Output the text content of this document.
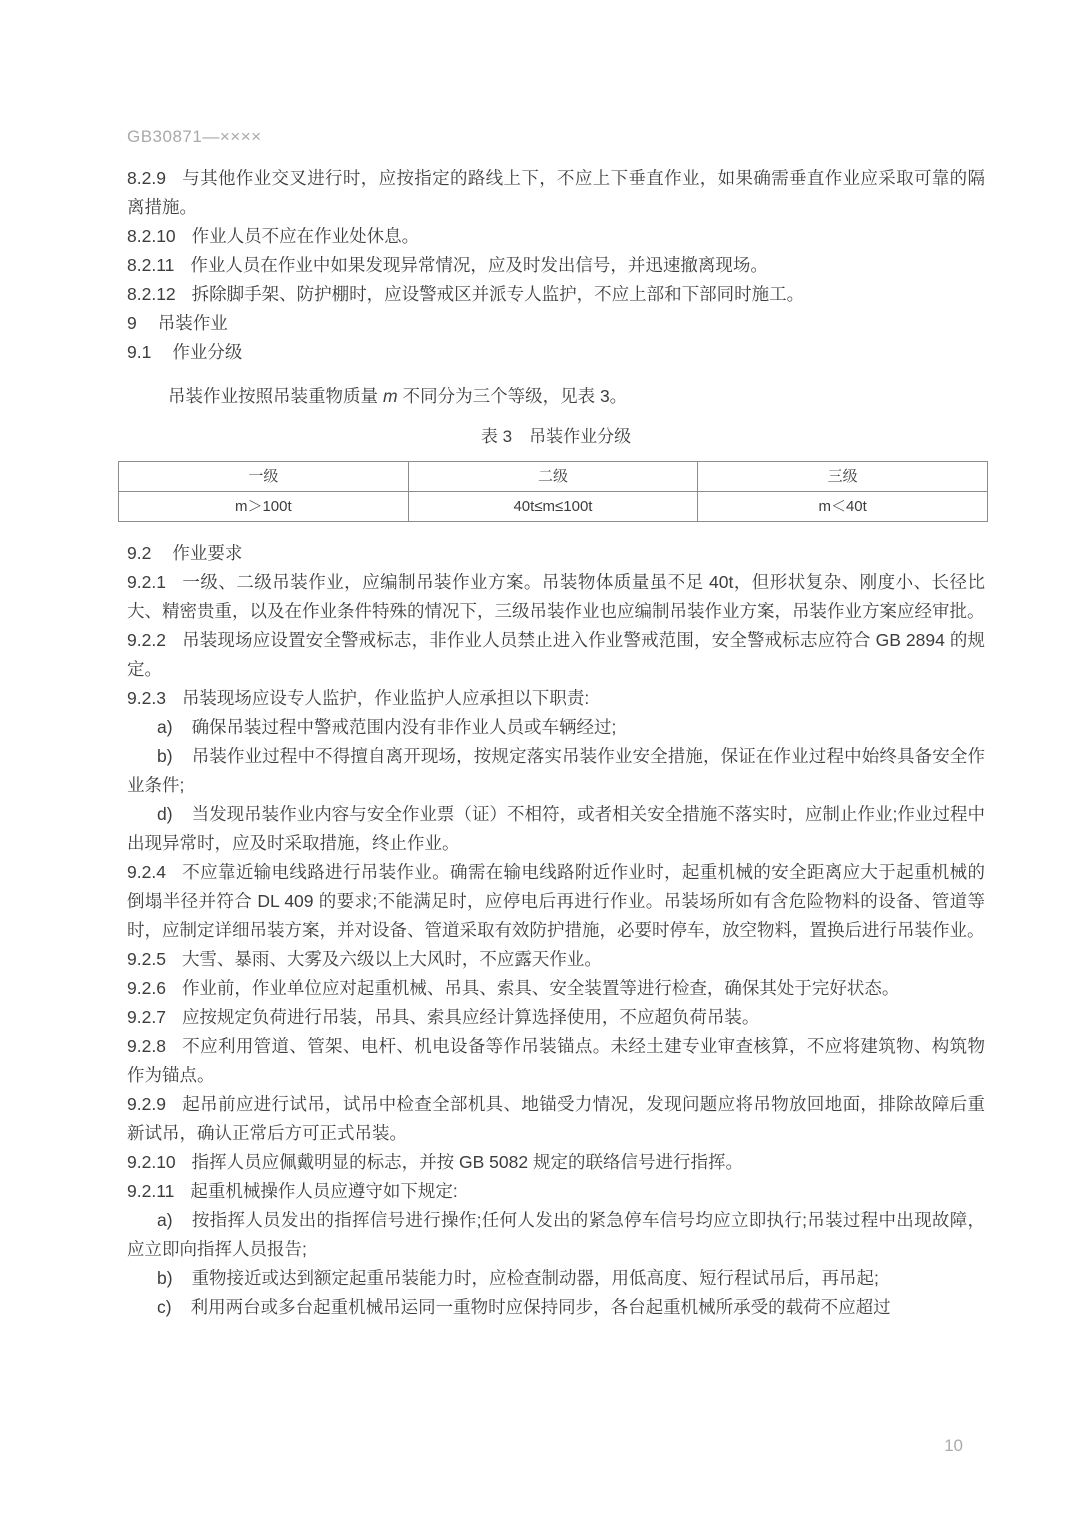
GB30871—××××

8.2.9 与其他作业交叉进行时，应按指定的路线上下，不应上下垂直作业，如果确需垂直作业应采取可靠的隔离措施。

8.2.10 作业人员不应在作业处休息。

8.2.11 作业人员在作业中如果发现异常情况，应及时发出信号，并迅速撤离现场。

8.2.12 拆除脚手架、防护棚时，应设警戒区并派专人监护，不应上部和下部同时施工。

9 吊装作业

9.1 作业分级

吊装作业按照吊装重物质量 m 不同分为三个等级，见表 3。

表 3　吊装作业分级
一级	二级	三级
m＞100t	40t≤m≤100t	m＜40t

9.2 作业要求

9.2.1 一级、二级吊装作业，应编制吊装作业方案。吊装物体质量虽不足 40t，但形状复杂、刚度小、长径比大、精密贵重，以及在作业条件特殊的情况下，三级吊装作业也应编制吊装作业方案，吊装作业方案应经审批。

9.2.2 吊装现场应设置安全警戒标志，非作业人员禁止进入作业警戒范围，安全警戒标志应符合 GB 2894 的规定。

9.2.3 吊装现场应设专人监护，作业监护人应承担以下职责:

a) 确保吊装过程中警戒范围内没有非作业人员或车辆经过;

b) 吊装作业过程中不得擅自离开现场，按规定落实吊装作业安全措施，保证在作业过程中始终具备安全作业条件;

d) 当发现吊装作业内容与安全作业票（证）不相符，或者相关安全措施不落实时，应制止作业;作业过程中出现异常时，应及时采取措施，终止作业。

9.2.4 不应靠近输电线路进行吊装作业。确需在输电线路附近作业时，起重机械的安全距离应大于起重机械的倒塌半径并符合 DL 409 的要求;不能满足时，应停电后再进行作业。吊装场所如有含危险物料的设备、管道等时，应制定详细吊装方案，并对设备、管道采取有效防护措施，必要时停车，放空物料，置换后进行吊装作业。

9.2.5 大雪、暴雨、大雾及六级以上大风时，不应露天作业。

9.2.6 作业前，作业单位应对起重机械、吊具、索具、安全装置等进行检查，确保其处于完好状态。

9.2.7 应按规定负荷进行吊装，吊具、索具应经计算选择使用，不应超负荷吊装。

9.2.8 不应利用管道、管架、电杆、机电设备等作吊装锚点。未经土建专业审查核算，不应将建筑物、构筑物作为锚点。

9.2.9 起吊前应进行试吊，试吊中检查全部机具、地锚受力情况，发现问题应将吊物放回地面，排除故障后重新试吊，确认正常后方可正式吊装。

9.2.10 指挥人员应佩戴明显的标志，并按 GB 5082 规定的联络信号进行指挥。

9.2.11 起重机械操作人员应遵守如下规定:

a) 按指挥人员发出的指挥信号进行操作;任何人发出的紧急停车信号均应立即执行;吊装过程中出现故障，应立即向指挥人员报告;

b) 重物接近或达到额定起重吊装能力时，应检查制动器，用低高度、短行程试吊后，再吊起;

c) 利用两台或多台起重机械吊运同一重物时应保持同步，各台起重机械所承受的载荷不应超过

10
